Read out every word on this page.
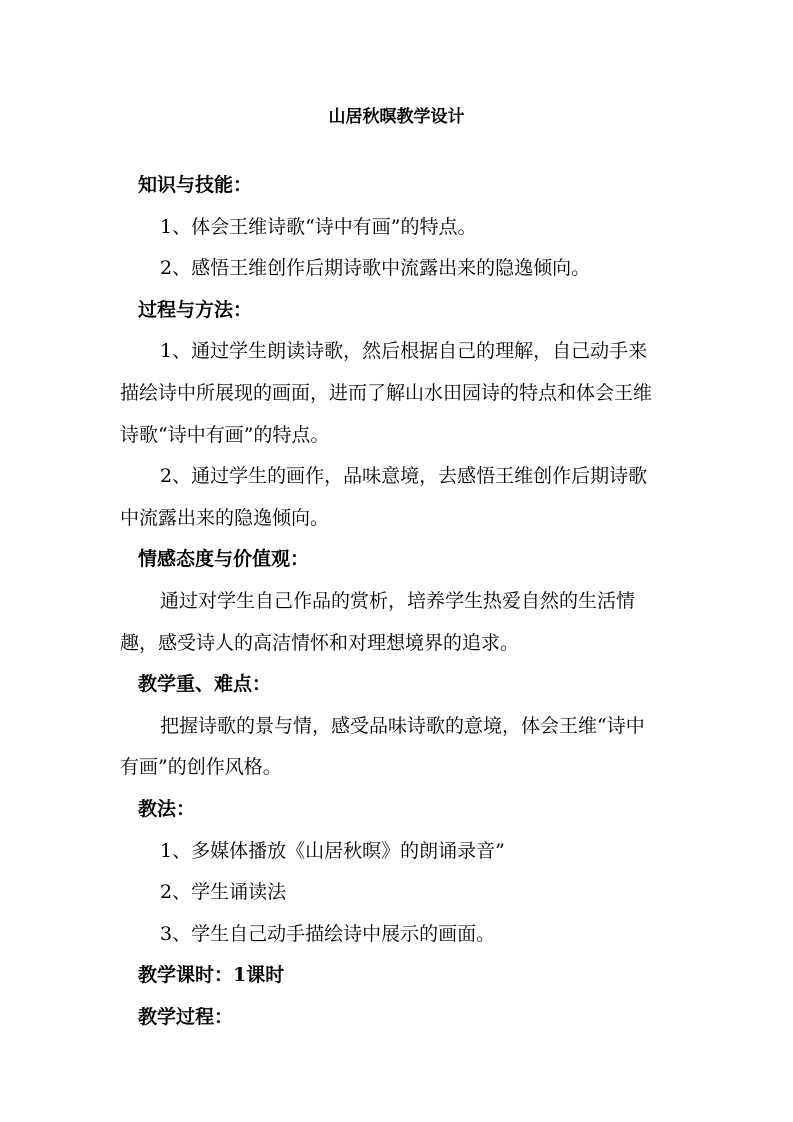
山居秋暝教学设计

知识与技能：

1、体会王维诗歌“诗中有画”的特点。

2、感悟王维创作后期诗歌中流露出来的隐逸倾向。

过程与方法：

1、通过学生朗读诗歌，然后根据自己的理解，自己动手来

描绘诗中所展现的画面，进而了解山水田园诗的特点和体会王维

诗歌“诗中有画”的特点。

2、通过学生的画作，品味意境，去感悟王维创作后期诗歌

中流露出来的隐逸倾向。

情感态度与价值观：

通过对学生自己作品的赏析，培养学生热爱自然的生活情

趣，感受诗人的高洁情怀和对理想境界的追求。

教学重、难点：

把握诗歌的景与情，感受品味诗歌的意境，体会王维“诗中

有画”的创作风格。

教法：

1、多媒体播放《山居秋暝》的朗诵录音”

2、学生诵读法

3、学生自己动手描绘诗中展示的画面。

教学课时：1课时

教学过程：
